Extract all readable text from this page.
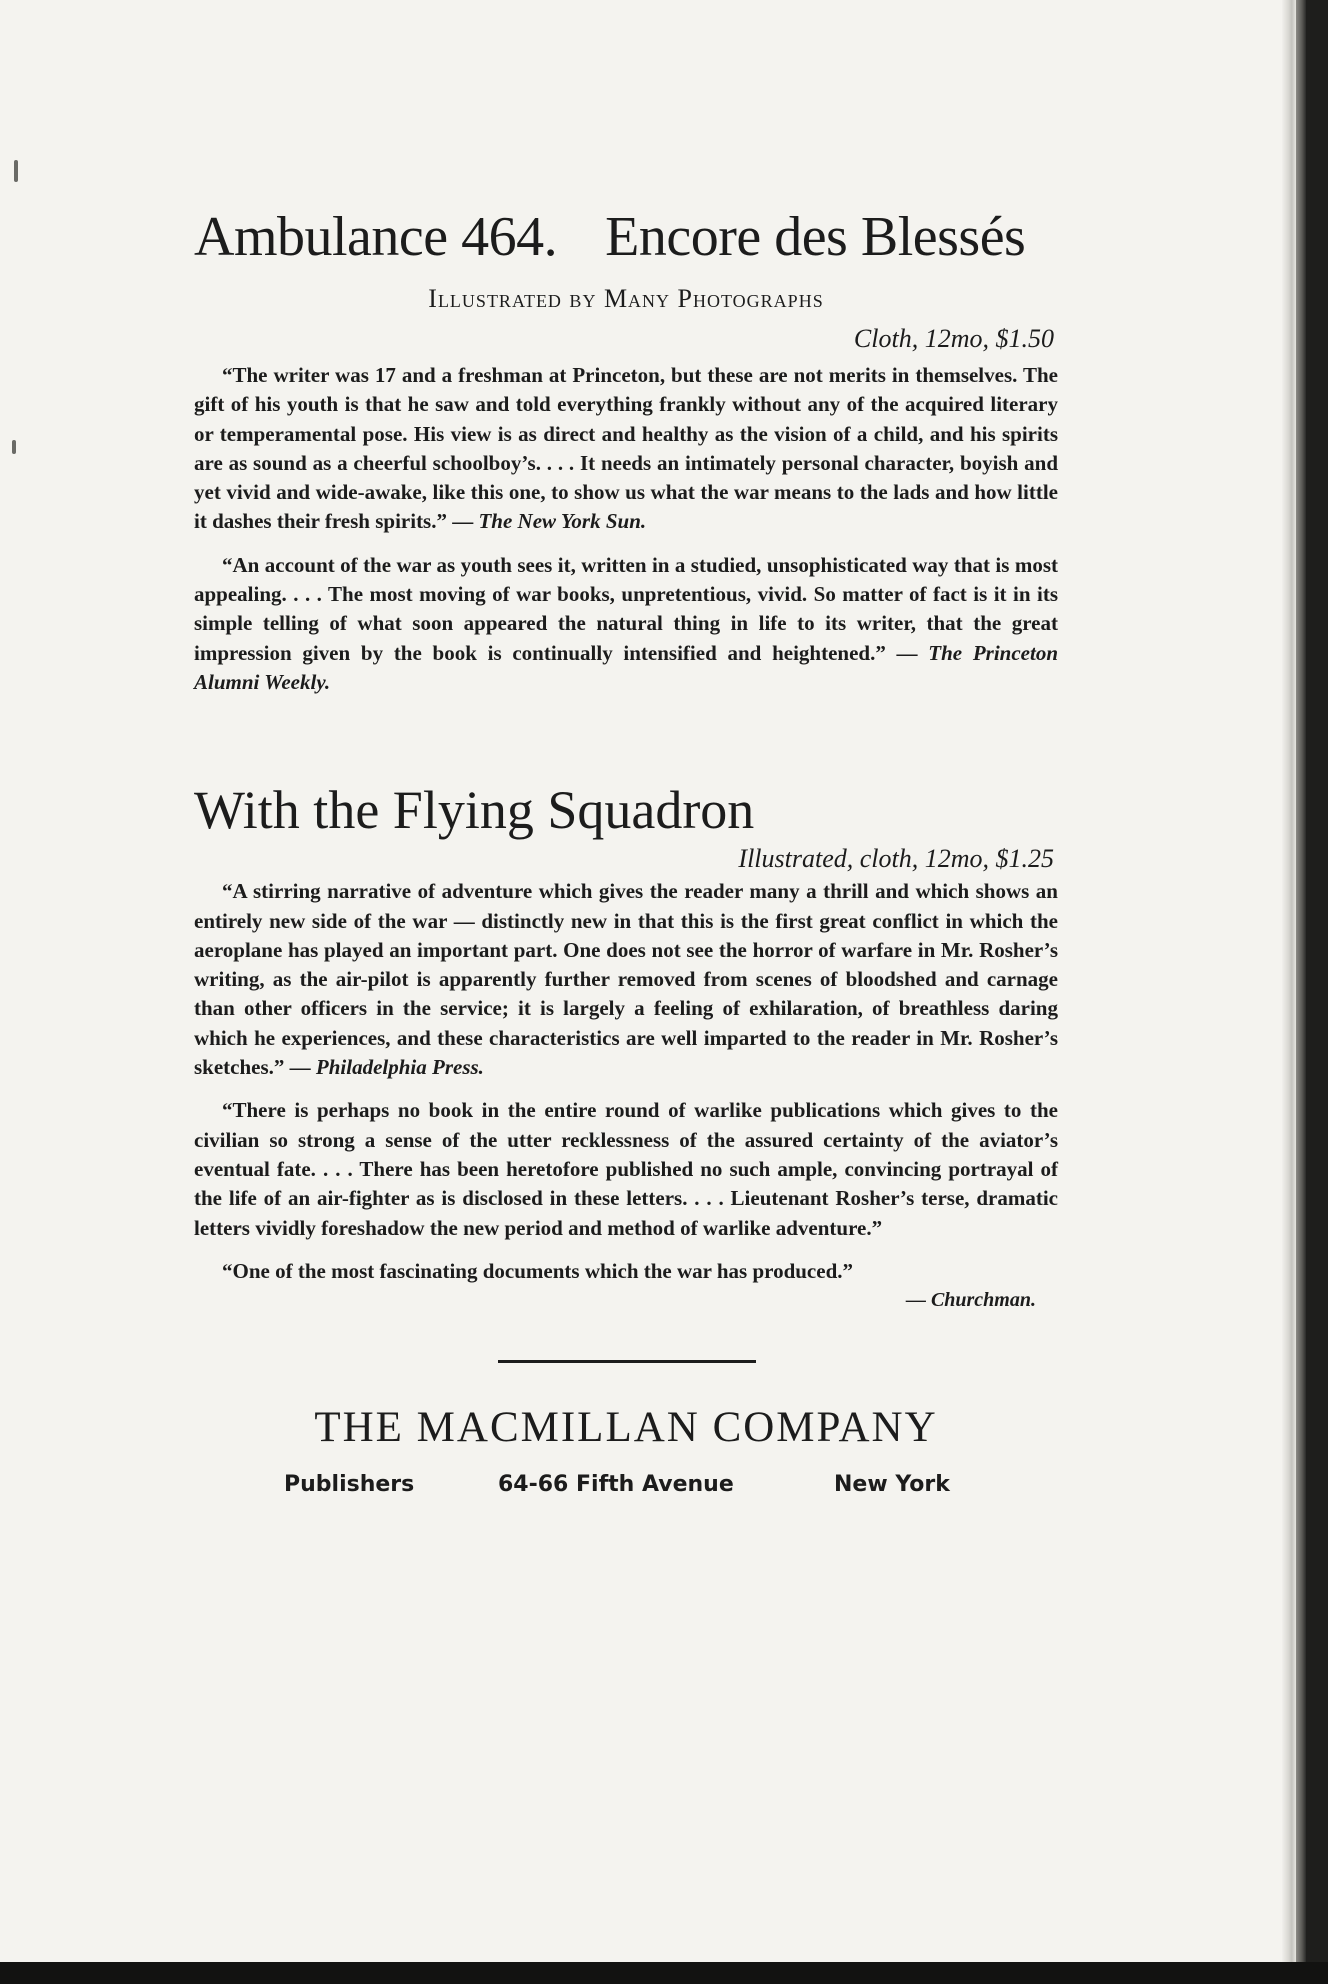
Ambulance 464. Encore des Blessés
Illustrated by Many Photographs
Cloth, 12mo, $1.50

“The writer was 17 and a freshman at Princeton, but these are not merits in themselves. The gift of his youth is that he saw and told everything frankly without any of the acquired literary or temperamental pose. His view is as direct and healthy as the vision of a child, and his spirits are as sound as a cheerful schoolboy’s. . . . It needs an intimately personal character, boyish and yet vivid and wide-awake, like this one, to show us what the war means to the lads and how little it dashes their fresh spirits.” — The New York Sun.

“An account of the war as youth sees it, written in a studied, unsophisticated way that is most appealing. . . . The most moving of war books, unpretentious, vivid. So matter of fact is it in its simple telling of what soon appeared the natural thing in life to its writer, that the great impression given by the book is continually intensified and heightened.” — The Princeton Alumni Weekly.

With the Flying Squadron
Illustrated, cloth, 12mo, $1.25

“A stirring narrative of adventure which gives the reader many a thrill and which shows an entirely new side of the war — distinctly new in that this is the first great conflict in which the aeroplane has played an important part. One does not see the horror of warfare in Mr. Rosher’s writing, as the air-pilot is apparently further removed from scenes of bloodshed and carnage than other officers in the service; it is largely a feeling of exhilaration, of breathless daring which he experiences, and these characteristics are well imparted to the reader in Mr. Rosher’s sketches.” — Philadelphia Press.

“There is perhaps no book in the entire round of warlike publications which gives to the civilian so strong a sense of the utter recklessness of the assured certainty of the aviator’s eventual fate. . . . There has been heretofore published no such ample, convincing portrayal of the life of an air-fighter as is disclosed in these letters. . . . Lieutenant Rosher’s terse, dramatic letters vividly foreshadow the new period and method of warlike adventure.”

“One of the most fascinating documents which the war has produced.”

— Churchman.
THE MACMILLAN COMPANY
Publishers	64-66 Fifth Avenue	New York
